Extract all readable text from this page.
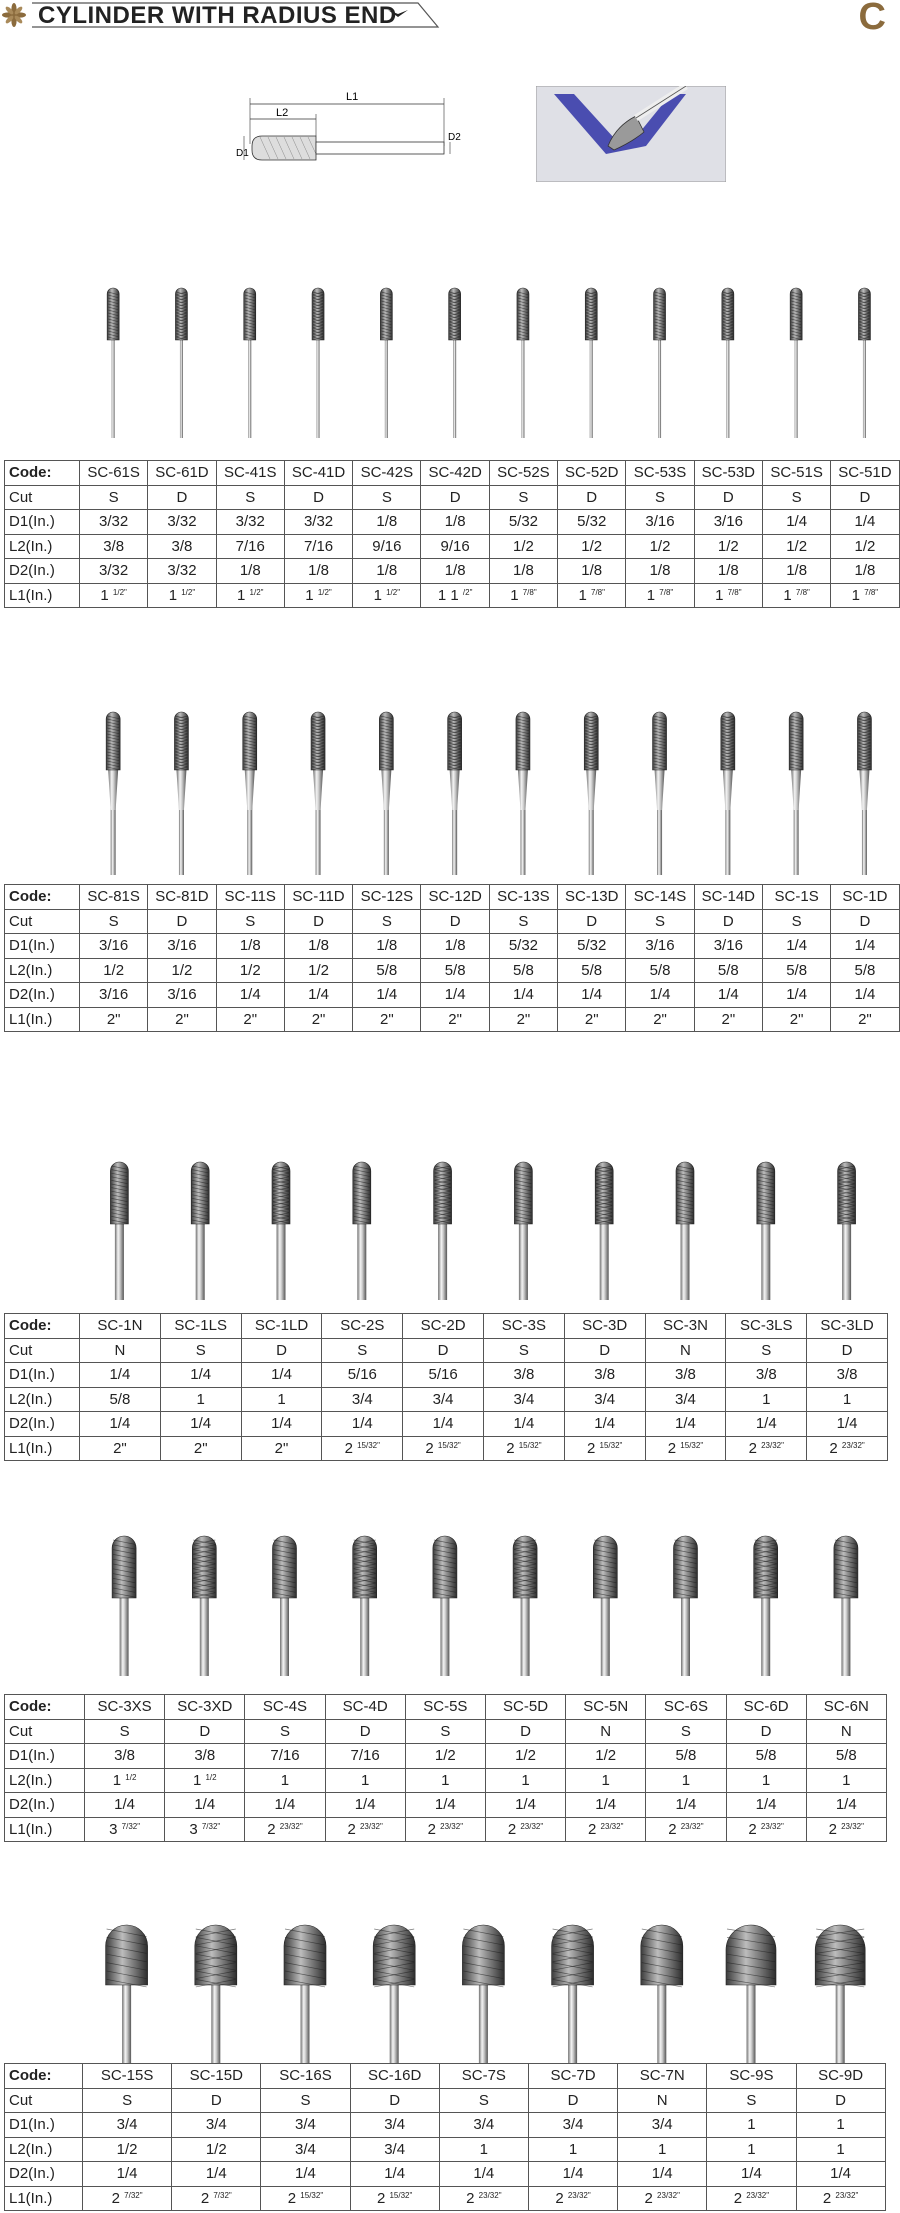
CYLINDER WITH RADIUS END	C
L1
L2
D1
D2
Code:	SC-61S	SC-61D	SC-41S	SC-41D	SC-42S	SC-42D	SC-52S	SC-52D	SC-53S	SC-53D	SC-51S	SC-51D
Cut	S	D	S	D	S	D	S	D	S	D	S	D
D1(In.)	3/32	3/32	3/32	3/32	1/8	1/8	5/32	5/32	3/16	3/16	1/4	1/4
L2(In.)	3/8	3/8	7/16	7/16	9/16	9/16	1/2	1/2	1/2	1/2	1/2	1/2
D2(In.)	3/32	3/32	1/8	1/8	1/8	1/8	1/8	1/8	1/8	1/8	1/8	1/8
L1(In.)	1 $^{1/2"}$	1 $^{1/2"}$	1 $^{1/2"}$	1 $^{1/2"}$	1 $^{1/2"}$	1 1 $^{/2"}$	1 $^{7/8"}$	1 $^{7/8"}$	1 $^{7/8"}$	1 $^{7/8"}$	1 $^{7/8"}$	1 $^{7/8"}$
Code:	SC-81S	SC-81D	SC-11S	SC-11D	SC-12S	SC-12D	SC-13S	SC-13D	SC-14S	SC-14D	SC-1S	SC-1D
Cut	S	D	S	D	S	D	S	D	S	D	S	D
D1(In.)	3/16	3/16	1/8	1/8	1/8	1/8	5/32	5/32	3/16	3/16	1/4	1/4
L2(In.)	1/2	1/2	1/2	1/2	5/8	5/8	5/8	5/8	5/8	5/8	5/8	5/8
D2(In.)	3/16	3/16	1/4	1/4	1/4	1/4	1/4	1/4	1/4	1/4	1/4	1/4
L1(In.)	2"	2"	2"	2"	2"	2"	2"	2"	2"	2"	2"	2"
Code:	SC-1N	SC-1LS	SC-1LD	SC-2S	SC-2D	SC-3S	SC-3D	SC-3N	SC-3LS	SC-3LD
Cut	N	S	D	S	D	S	D	N	S	D
D1(In.)	1/4	1/4	1/4	5/16	5/16	3/8	3/8	3/8	3/8	3/8
L2(In.)	5/8	1	1	3/4	3/4	3/4	3/4	3/4	1	1
D2(In.)	1/4	1/4	1/4	1/4	1/4	1/4	1/4	1/4	1/4	1/4
L1(In.)	2"	2"	2"	2 $^{15/32"}$	2 $^{15/32"}$	2 $^{15/32"}$	2 $^{15/32"}$	2 $^{15/32"}$	2 $^{23/32"}$	2 $^{23/32"}$
Code:	SC-3XS	SC-3XD	SC-4S	SC-4D	SC-5S	SC-5D	SC-5N	SC-6S	SC-6D	SC-6N
Cut	S	D	S	D	S	D	N	S	D	N
D1(In.)	3/8	3/8	7/16	7/16	1/2	1/2	1/2	5/8	5/8	5/8
L2(In.)	1 $^{1/2}$	1 $^{1/2}$	1	1	1	1	1	1	1	1
D2(In.)	1/4	1/4	1/4	1/4	1/4	1/4	1/4	1/4	1/4	1/4
L1(In.)	3 $^{7/32"}$	3 $^{7/32"}$	2 $^{23/32"}$	2 $^{23/32"}$	2 $^{23/32"}$	2 $^{23/32"}$	2 $^{23/32"}$	2 $^{23/32"}$	2 $^{23/32"}$	2 $^{23/32"}$
Code:	SC-15S	SC-15D	SC-16S	SC-16D	SC-7S	SC-7D	SC-7N	SC-9S	SC-9D
Cut	S	D	S	D	S	D	N	S	D
D1(In.)	3/4	3/4	3/4	3/4	3/4	3/4	3/4	1	1
L2(In.)	1/2	1/2	3/4	3/4	1	1	1	1	1
D2(In.)	1/4	1/4	1/4	1/4	1/4	1/4	1/4	1/4	1/4
L1(In.)	2 $^{7/32"}$	2 $^{7/32"}$	2 $^{15/32"}$	2 $^{15/32"}$	2 $^{23/32"}$	2 $^{23/32"}$	2 $^{23/32"}$	2 $^{23/32"}$	2 $^{23/32"}$
